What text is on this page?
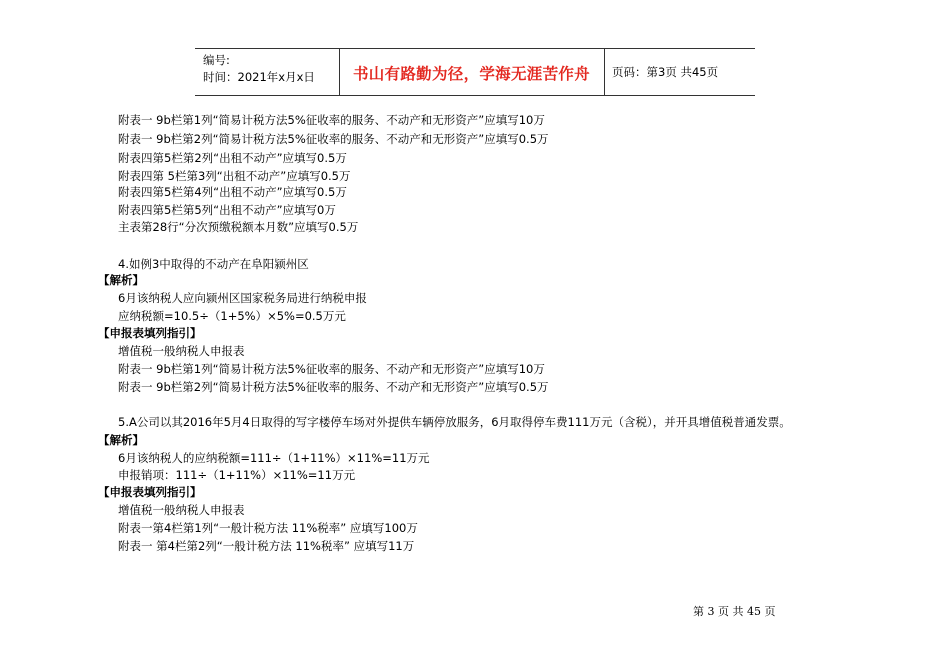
编号:
时间：2021年x月x日	书山有路勤为径，学海无涯苦作舟	页码：第3页 共45页
附表一 9b栏第1列“简易计税方法5%征收率的服务、不动产和无形资产”应填写10万
附表一 9b栏第2列“简易计税方法5%征收率的服务、不动产和无形资产”应填写0.5万
附表四第5栏第2列“出租不动产”应填写0.5万
附表四第 5栏第3列“出租不动产”应填写0.5万
附表四第5栏第4列“出租不动产”应填写0.5万
附表四第5栏第5列“出租不动产”应填写0万
主表第28行“分次预缴税额本月数”应填写0.5万
4.如例3中取得的不动产在阜阳颍州区
【解析】
6月该纳税人应向颍州区国家税务局进行纳税申报
应纳税额=10.5÷（1+5%）×5%=0.5万元
【申报表填列指引】
增值税一般纳税人申报表
附表一 9b栏第1列“简易计税方法5%征收率的服务、不动产和无形资产”应填写10万
附表一 9b栏第2列“简易计税方法5%征收率的服务、不动产和无形资产”应填写0.5万
5.A公司以其2016年5月4日取得的写字楼停车场对外提供车辆停放服务，6月取得停车费111万元（含税），并开具增值税普通发票。
【解析】
6月该纳税人的应纳税额=111÷（1+11%）×11%=11万元
申报销项：111÷（1+11%）×11%=11万元
【申报表填列指引】
增值税一般纳税人申报表
附表一第4栏第1列“一般计税方法 11%税率” 应填写100万
附表一 第4栏第2列“一般计税方法 11%税率” 应填写11万
第 3 页 共 45 页
